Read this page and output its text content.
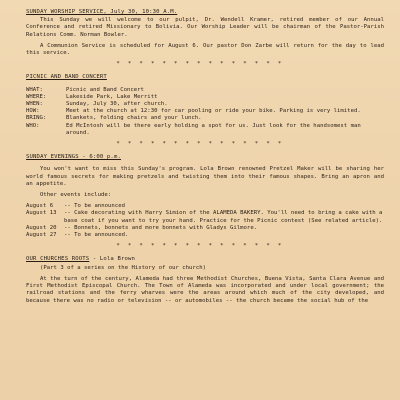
SUNDAY WORSHIP SERVICE, July 30, 10:30 A.M.
This Sunday we will welcome to our pulpit, Dr. Wendell Kramer, retired member of our Annual Conference and retired Missionary to Bolivia. Our Worship Leader will be chairman of the Pastor-Parish Relations Comm. Norman Bowler.
A Communion Service is scheduled for August 6. Our pastor Don Zarbe will return for the day to lead this service.
* * * * * * * * * * * * * * *
PICNIC AND BAND CONCERT
WHAT:	Picnic and Band Concert
WHERE:	Lakeside Park, Lake Merritt
WHEN:	Sunday, July 30, after church.
HOW:	Meet at the church at 12:30 for car pooling or ride your bike. Parking is very limited.
BRING:	Blankets, folding chairs and your lunch.
WHO:	Ed McIntosh will be there early holding a spot for us. Just look for the handsomest man around.
* * * * * * * * * * * * * * *
SUNDAY EVENINGS - 6:00 p.m.
You won't want to miss this Sunday's program. Lola Brown renowned Pretzel Maker will be sharing her world famous secrets for making pretzels and twisting them into their famous shapes. Bring an apron and an appetite.
Other events include:
August 6	-- To be announced
August 13	-- Cake decorating with Harry Simion of the ALAMEDA BAKERY. You'll need to bring a cake with a base coat if you want to try your hand. Practice for the Picnic contest (See related article).
August 20	-- Bonnets, bonnets and more bonnets with Gladys Gilmore.
August 27	-- To be announced.
* * * * * * * * * * * * * * *
OUR CHURCHES ROOTS - Lola Brown
(Part 3 of a series on the History of our church)
At the turn of the century, Alameda had three Methodist Churches, Buena Vista, Santa Clara Avenue and First Methodist Episcopal Church. The Town of Alameda was incorporated and under local government; the railroad stations and the ferry wharves were the areas around which much of the city developed, and because there was no radio or television -- or automobiles -- the church became the social hub of the
